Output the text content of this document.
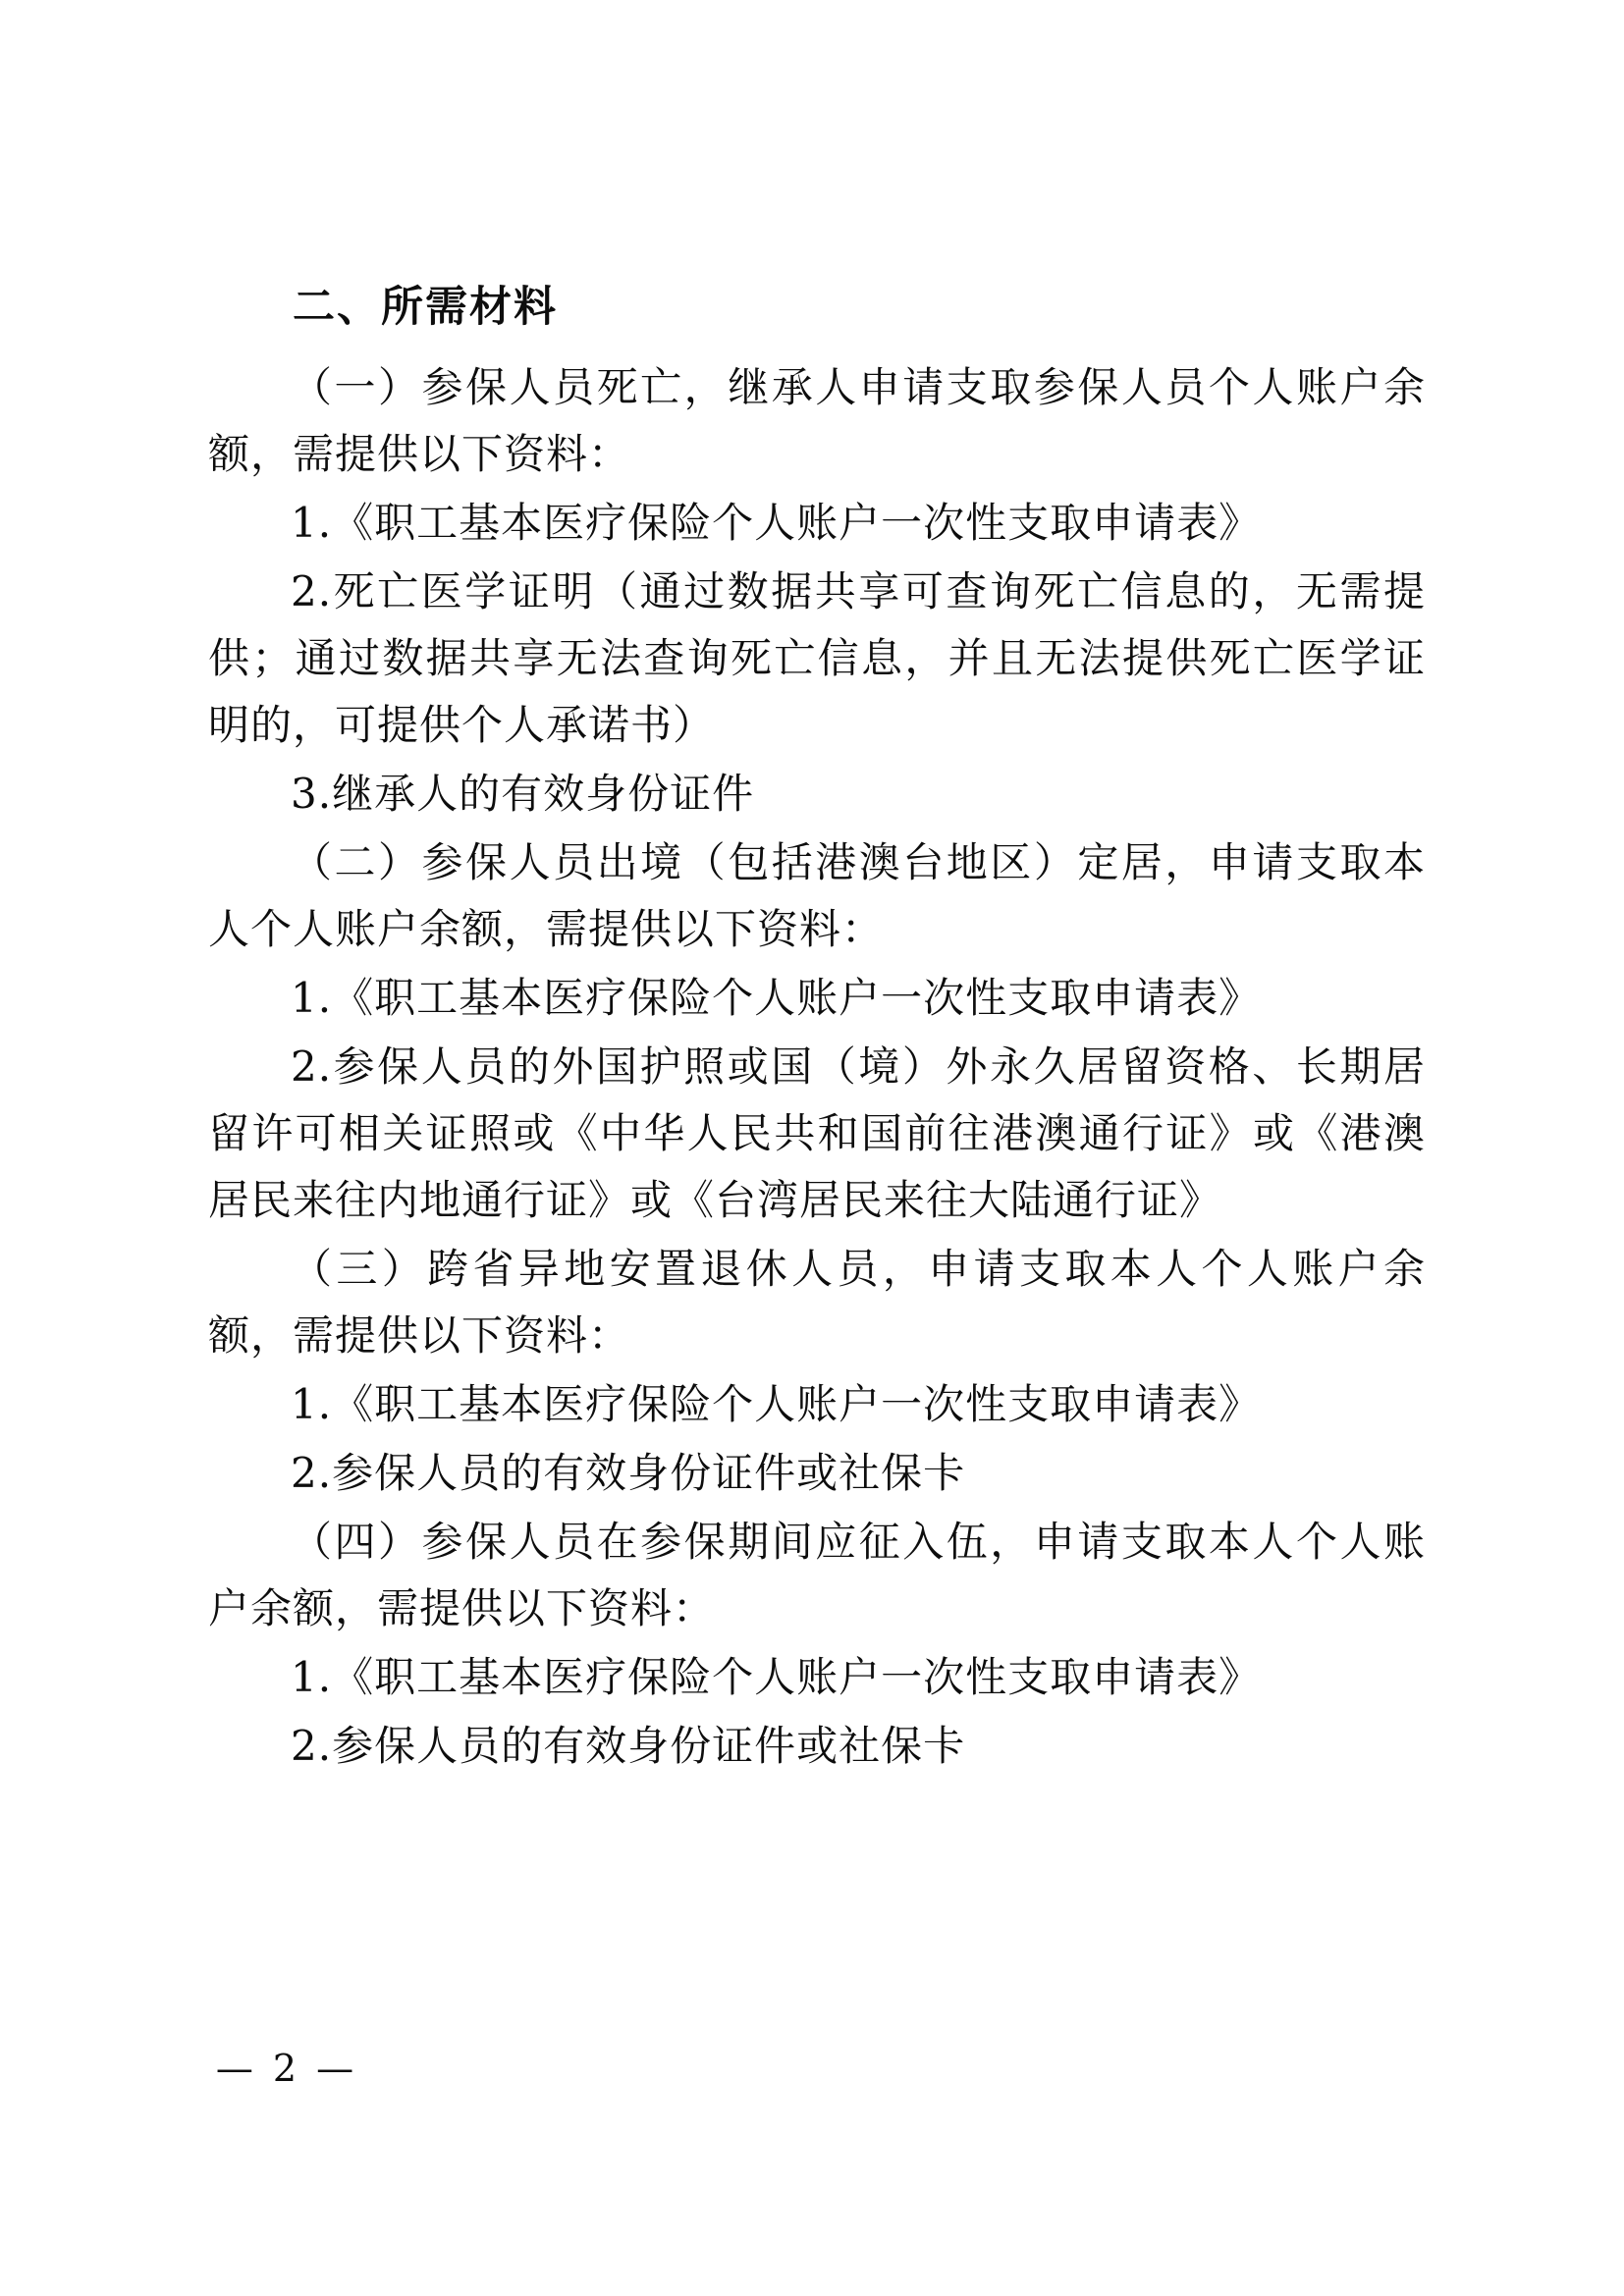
二、所需材料

（一）参保人员死亡，继承人申请支取参保人员个人账户余额，需提供以下资料：

1.《职工基本医疗保险个人账户一次性支取申请表》

2.死亡医学证明（通过数据共享可查询死亡信息的，无需提供；通过数据共享无法查询死亡信息，并且无法提供死亡医学证明的，可提供个人承诺书）

3.继承人的有效身份证件

（二）参保人员出境（包括港澳台地区）定居，申请支取本人个人账户余额，需提供以下资料：

1.《职工基本医疗保险个人账户一次性支取申请表》

2.参保人员的外国护照或国（境）外永久居留资格、长期居留许可相关证照或《中华人民共和国前往港澳通行证》或《港澳居民来往内地通行证》或《台湾居民来往大陆通行证》

（三）跨省异地安置退休人员，申请支取本人个人账户余额，需提供以下资料：

1.《职工基本医疗保险个人账户一次性支取申请表》

2.参保人员的有效身份证件或社保卡

（四）参保人员在参保期间应征入伍，申请支取本人个人账户余额，需提供以下资料：

1.《职工基本医疗保险个人账户一次性支取申请表》

2.参保人员的有效身份证件或社保卡

— 2 —
